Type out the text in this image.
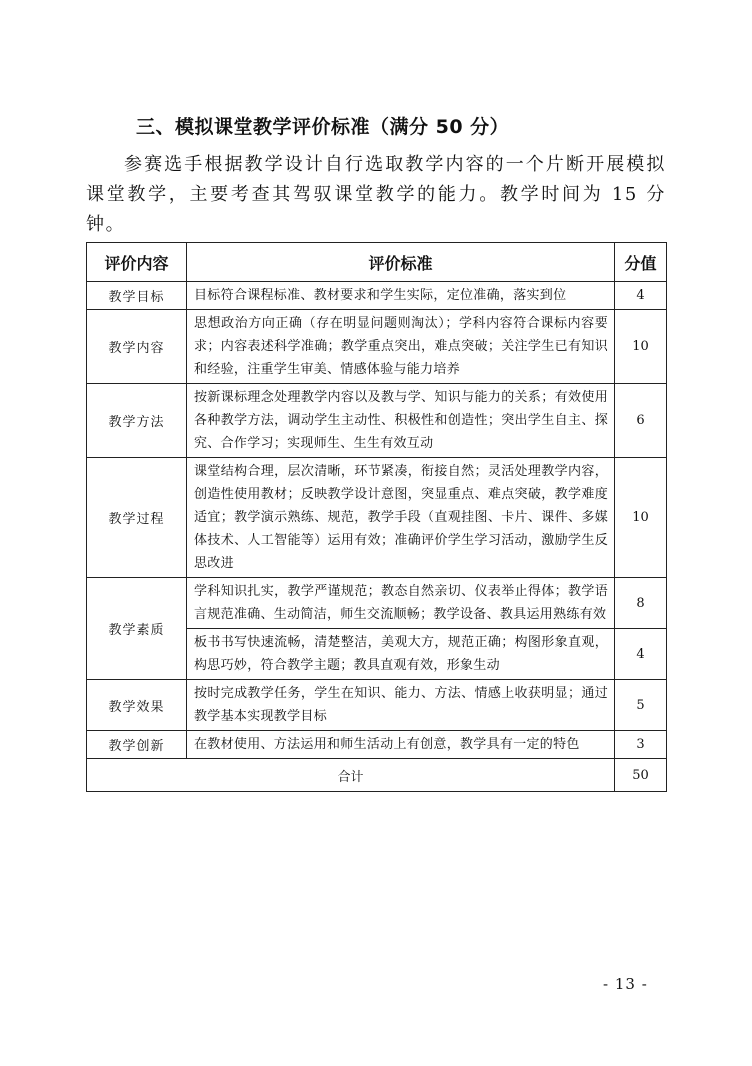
三、模拟课堂教学评价标准（满分 50 分）
参赛选手根据教学设计自行选取教学内容的一个片断开展模拟课堂教学，主要考查其驾驭课堂教学的能力。教学时间为 15 分钟。
评价内容	评价标准	分值
教学目标	目标符合课程标准、教材要求和学生实际，定位准确，落实到位	4
教学内容	思想政治方向正确（存在明显问题则淘汰）；学科内容符合课标内容要求；内容表述科学准确；教学重点突出，难点突破；关注学生已有知识和经验，注重学生审美、情感体验与能力培养	10
教学方法	按新课标理念处理教学内容以及教与学、知识与能力的关系；有效使用各种教学方法，调动学生主动性、积极性和创造性；突出学生自主、探究、合作学习；实现师生、生生有效互动	6
教学过程	课堂结构合理，层次清晰，环节紧凑，衔接自然；灵活处理教学内容，创造性使用教材；反映教学设计意图，突显重点、难点突破，教学难度适宜；教学演示熟练、规范，教学手段（直观挂图、卡片、课件、多媒体技术、人工智能等）运用有效；准确评价学生学习活动，激励学生反思改进	10
教学素质	学科知识扎实，教学严谨规范；教态自然亲切、仪表举止得体；教学语言规范准确、生动简洁，师生交流顺畅；教学设备、教具运用熟练有效	8
	板书书写快速流畅，清楚整洁，美观大方，规范正确；构图形象直观，构思巧妙，符合教学主题；教具直观有效，形象生动	4
教学效果	按时完成教学任务，学生在知识、能力、方法、情感上收获明显；通过教学基本实现教学目标	5
教学创新	在教材使用、方法运用和师生活动上有创意，教学具有一定的特色	3
合计		50
- 13 -
